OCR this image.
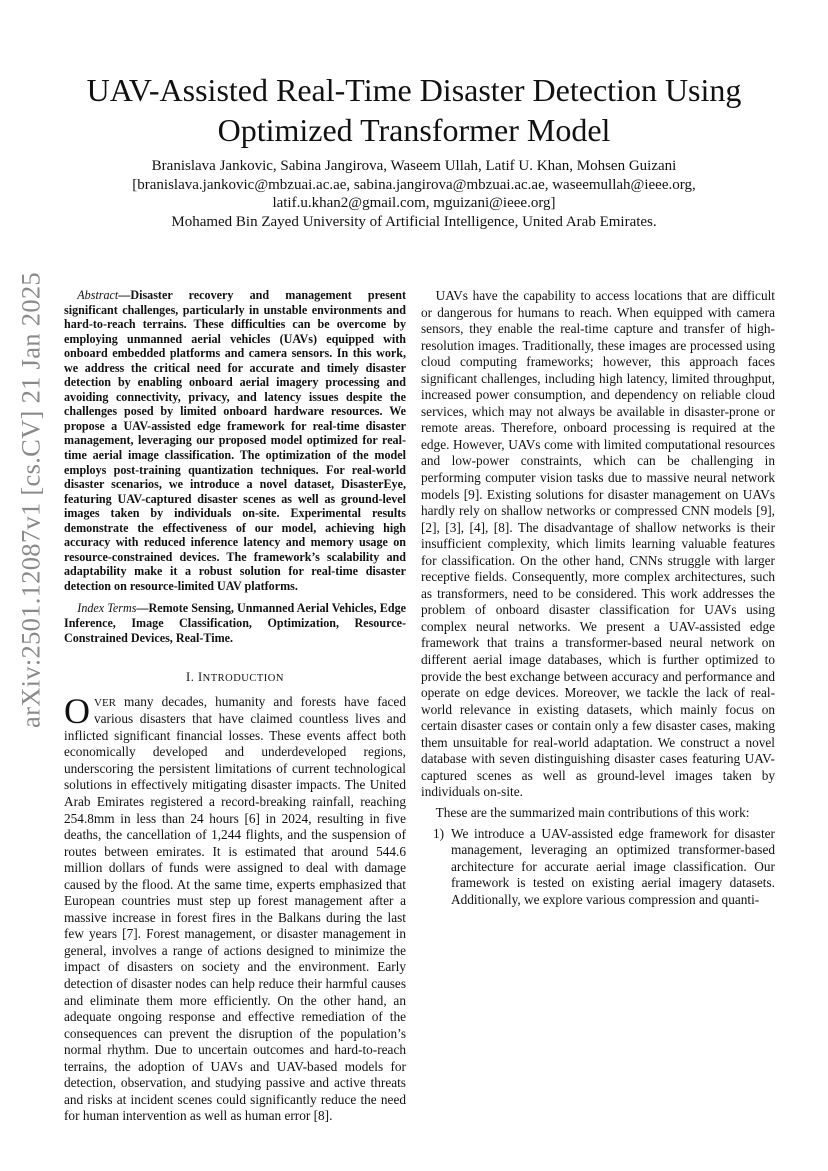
arXiv:2501.12087v1 [cs.CV] 21 Jan 2025
UAV-Assisted Real-Time Disaster Detection Using
Optimized Transformer Model
Branislava Jankovic, Sabina Jangirova, Waseem Ullah, Latif U. Khan, Mohsen Guizani
[branislava.jankovic@mbzuai.ac.ae, sabina.jangirova@mbzuai.ac.ae, waseemullah@ieee.org,
latif.u.khan2@gmail.com, mguizani@ieee.org]
Mohamed Bin Zayed University of Artificial Intelligence, United Arab Emirates.

Abstract—Disaster recovery and management present significant challenges, particularly in unstable environments and hard-to-reach terrains. These difficulties can be overcome by employing unmanned aerial vehicles (UAVs) equipped with onboard embedded platforms and camera sensors. In this work, we address the critical need for accurate and timely disaster detection by enabling onboard aerial imagery processing and avoiding connectivity, privacy, and latency issues despite the challenges posed by limited onboard hardware resources. We propose a UAV-assisted edge framework for real-time disaster management, leveraging our proposed model optimized for real-time aerial image classification. The optimization of the model employs post-training quantization techniques. For real-world disaster scenarios, we introduce a novel dataset, DisasterEye, featuring UAV-captured disaster scenes as well as ground-level images taken by individuals on-site. Experimental results demonstrate the effectiveness of our model, achieving high accuracy with reduced inference latency and memory usage on resource-constrained devices. The framework’s scalability and adaptability make it a robust solution for real-time disaster detection on resource-limited UAV platforms.

Index Terms—Remote Sensing, Unmanned Aerial Vehicles, Edge Inference, Image Classification, Optimization, Resource-Constrained Devices, Real-Time.

I. INTRODUCTION

OVER many decades, humanity and forests have faced various disasters that have claimed countless lives and inflicted significant financial losses. These events affect both economically developed and underdeveloped regions, underscoring the persistent limitations of current technological solutions in effectively mitigating disaster impacts. The United Arab Emirates registered a record-breaking rainfall, reaching 254.8mm in less than 24 hours [6] in 2024, resulting in five deaths, the cancellation of 1,244 flights, and the suspension of routes between emirates. It is estimated that around 544.6 million dollars of funds were assigned to deal with damage caused by the flood. At the same time, experts emphasized that European countries must step up forest management after a massive increase in forest fires in the Balkans during the last few years [7]. Forest management, or disaster management in general, involves a range of actions designed to minimize the impact of disasters on society and the environment. Early detection of disaster nodes can help reduce their harmful causes and eliminate them more efficiently. On the other hand, an adequate ongoing response and effective remediation of the consequences can prevent the disruption of the population’s normal rhythm. Due to uncertain outcomes and hard-to-reach terrains, the adoption of UAVs and UAV-based models for detection, observation, and studying passive and active threats and risks at incident scenes could significantly reduce the need for human intervention as well as human error [8].

UAVs have the capability to access locations that are difficult or dangerous for humans to reach. When equipped with camera sensors, they enable the real-time capture and transfer of high-resolution images. Traditionally, these images are processed using cloud computing frameworks; however, this approach faces significant challenges, including high latency, limited throughput, increased power consumption, and dependency on reliable cloud services, which may not always be available in disaster-prone or remote areas. Therefore, onboard processing is required at the edge. However, UAVs come with limited computational resources and low-power constraints, which can be challenging in performing computer vision tasks due to massive neural network models [9]. Existing solutions for disaster management on UAVs hardly rely on shallow networks or compressed CNN models [9], [2], [3], [4], [8]. The disadvantage of shallow networks is their insufficient complexity, which limits learning valuable features for classification. On the other hand, CNNs struggle with larger receptive fields. Consequently, more complex architectures, such as transformers, need to be considered. This work addresses the problem of onboard disaster classification for UAVs using complex neural networks. We present a UAV-assisted edge framework that trains a transformer-based neural network on different aerial image databases, which is further optimized to provide the best exchange between accuracy and performance and operate on edge devices. Moreover, we tackle the lack of real-world relevance in existing datasets, which mainly focus on certain disaster cases or contain only a few disaster cases, making them unsuitable for real-world adaptation. We construct a novel database with seven distinguishing disaster cases featuring UAV-captured scenes as well as ground-level images taken by individuals on-site.

These are the summarized main contributions of this work:

1) We introduce a UAV-assisted edge framework for disaster management, leveraging an optimized transformer-based architecture for accurate aerial image classification. Our framework is tested on existing aerial imagery datasets. Additionally, we explore various compression and quanti-
